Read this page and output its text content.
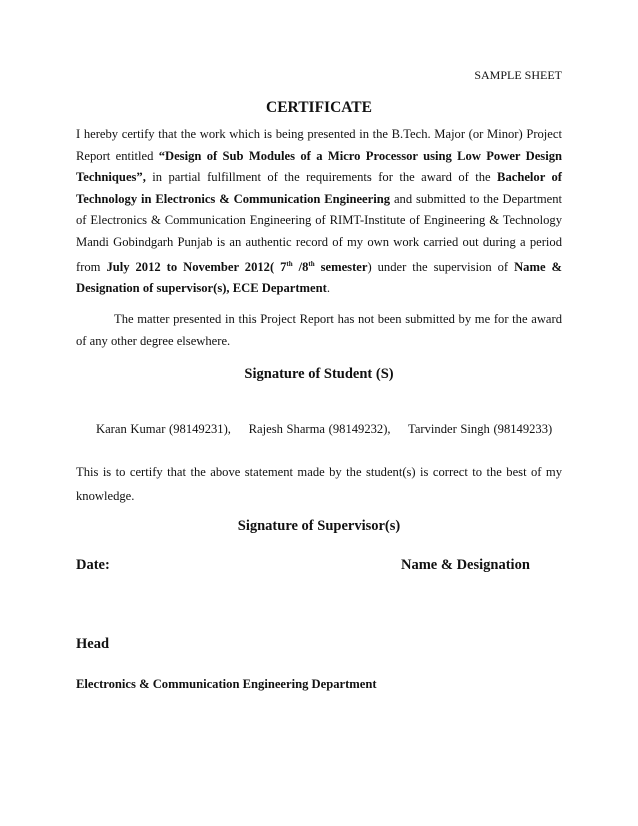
SAMPLE SHEET
CERTIFICATE
I hereby certify that the work which is being presented in the B.Tech. Major (or Minor) Project
Report entitled “Design of Sub Modules of a Micro Processor using Low Power Design
Techniques”, in partial fulfillment of the requirements for the award of the Bachelor of
Technology in Electronics & Communication Engineering and submitted to the Department
of Electronics & Communication Engineering of RIMT-Institute of Engineering & Technology
Mandi Gobindgarh Punjab is an authentic record of my own work carried out during a period
from July 2012 to November 2012( 7th /8th semester) under the supervision of Name &
Designation of supervisor(s), ECE Department.
The matter presented in this Project Report has not been submitted by me for the award
of any other degree elsewhere.
Signature of Student (S)
Karan Kumar (98149231), Rajesh Sharma (98149232), Tarvinder Singh (98149233)
This is to certify that the above statement made by the student(s) is correct to the best of my
knowledge.
Signature of Supervisor(s)
Date:	Name & Designation
Head
Electronics & Communication Engineering Department
